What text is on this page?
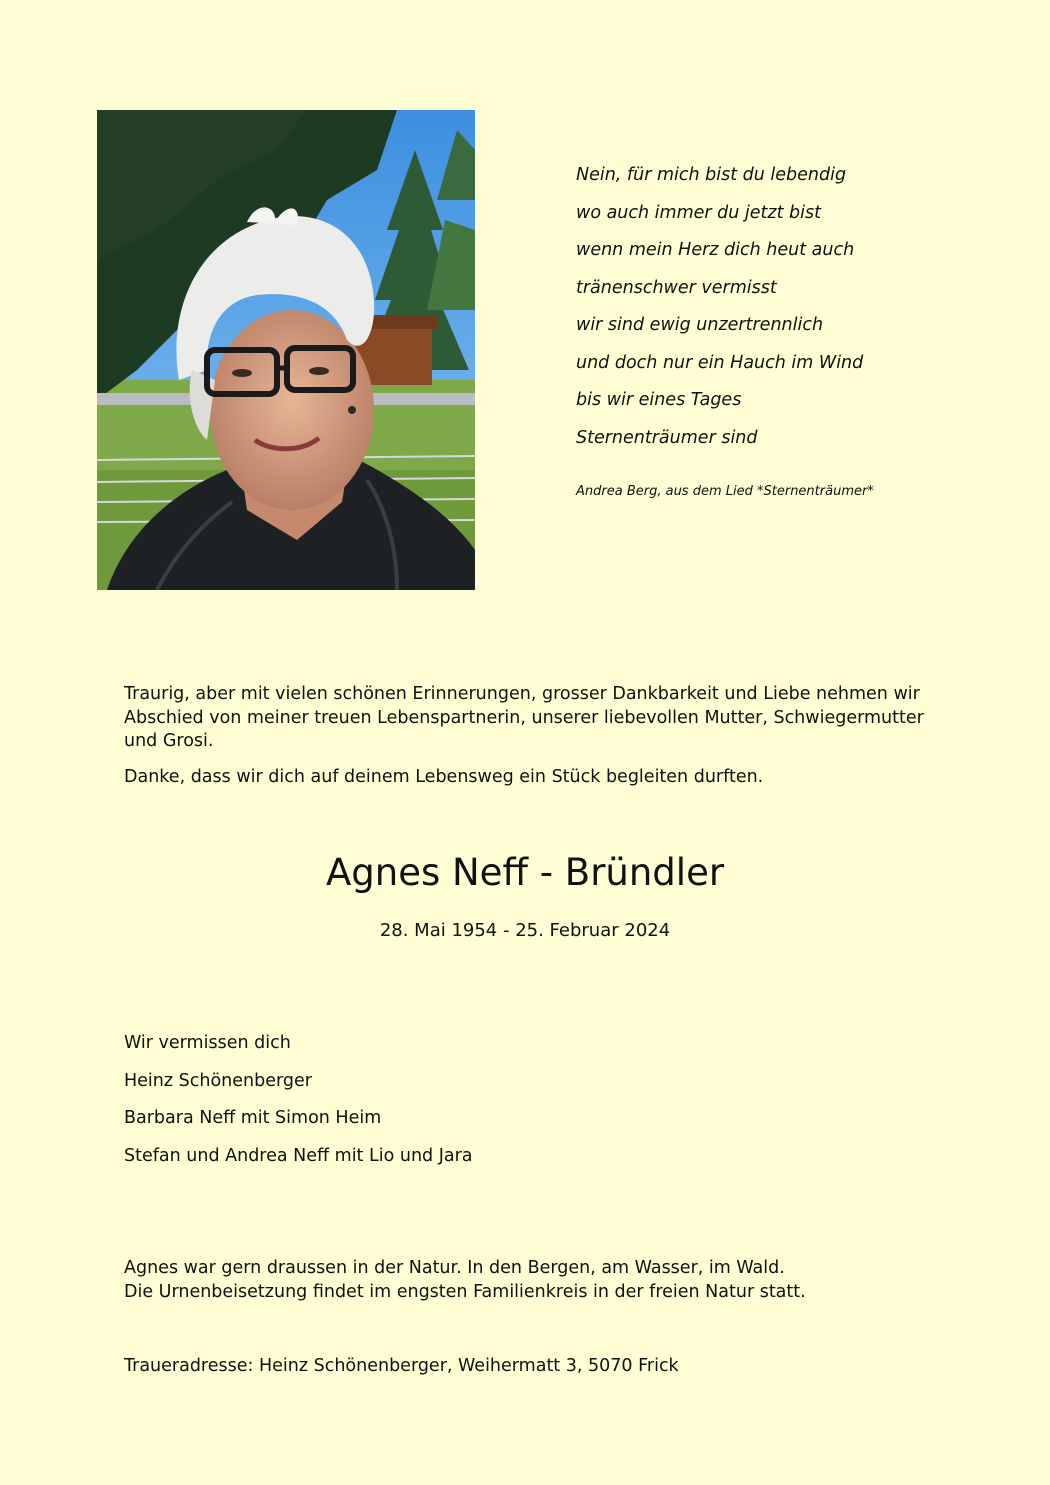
Nein, für mich bist du lebendig
wo auch immer du jetzt bist
wenn mein Herz dich heut auch
tränenschwer vermisst
wir sind ewig unzertrennlich
und doch nur ein Hauch im Wind
bis wir eines Tages
Sternenträumer sind
Andrea Berg, aus dem Lied *Sternenträumer*

Traurig, aber mit vielen schönen Erinnerungen, grosser Dankbarkeit und Liebe nehmen wir Abschied von meiner treuen Lebenspartnerin, unserer liebevollen Mutter, Schwiegermutter und Grosi.

Danke, dass wir dich auf deinem Lebensweg ein Stück begleiten durften.

Agnes Neff - Bründler
28. Mai 1954 - 25. Februar 2024
Wir vermissen dich
Heinz Schönenberger
Barbara Neff mit Simon Heim
Stefan und Andrea Neff mit Lio und Jara
Agnes war gern draussen in der Natur. In den Bergen, am Wasser, im Wald.
Die Urnenbeisetzung findet im engsten Familienkreis in der freien Natur statt.
Traueradresse: Heinz Schönenberger, Weihermatt 3, 5070 Frick
